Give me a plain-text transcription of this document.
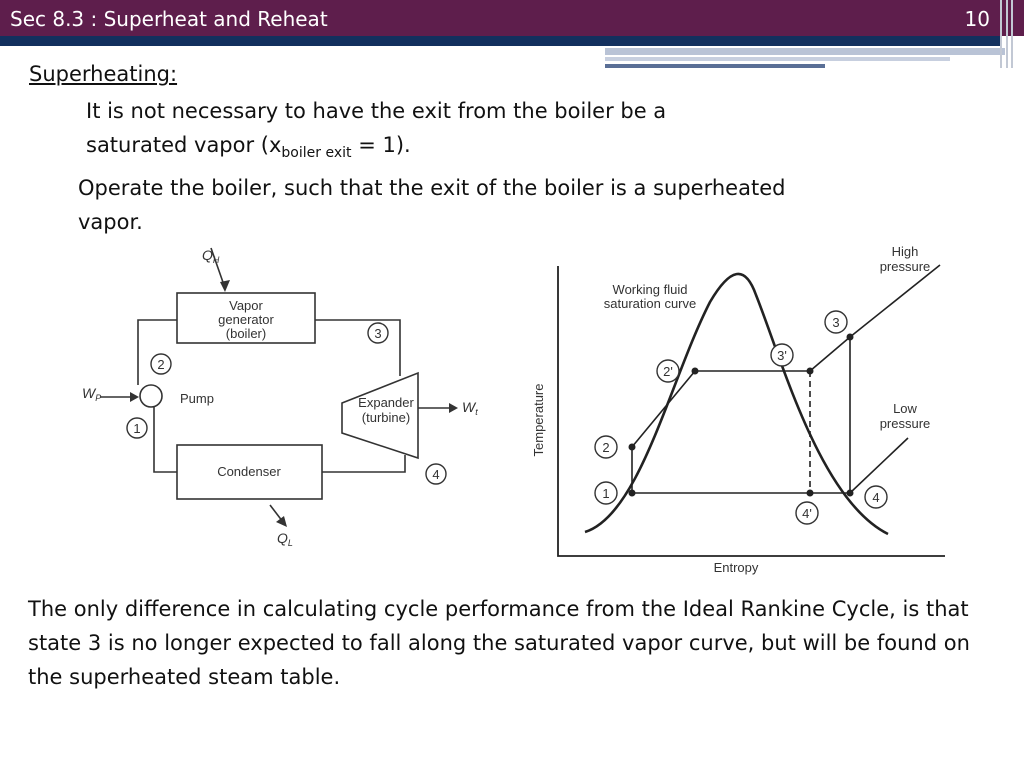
Sec 8.3 : Superheat and Reheat	10
Superheating:
It is not necessary to have the exit from the boiler be a
saturated vapor $(x_{boiler exit} = 1)$.
Operate the boiler, such that the exit of the boiler is a superheated vapor.
The only difference in calculating cycle performance from the Ideal Rankine Cycle, is that state 3 is no longer expected to fall along the saturated vapor curve, but will be found on the superheated steam table.
1
2
3
4
Vapor
generator
(boiler)
Condenser
Expander
(turbine)
Pump
$Q_H$
$W_P$
$W_t$
$Q_L$
1
2
2'
3'
3
4
4'
Working fluid
saturation curve
High
pressure
Low
pressure
Entropy
Temperature
